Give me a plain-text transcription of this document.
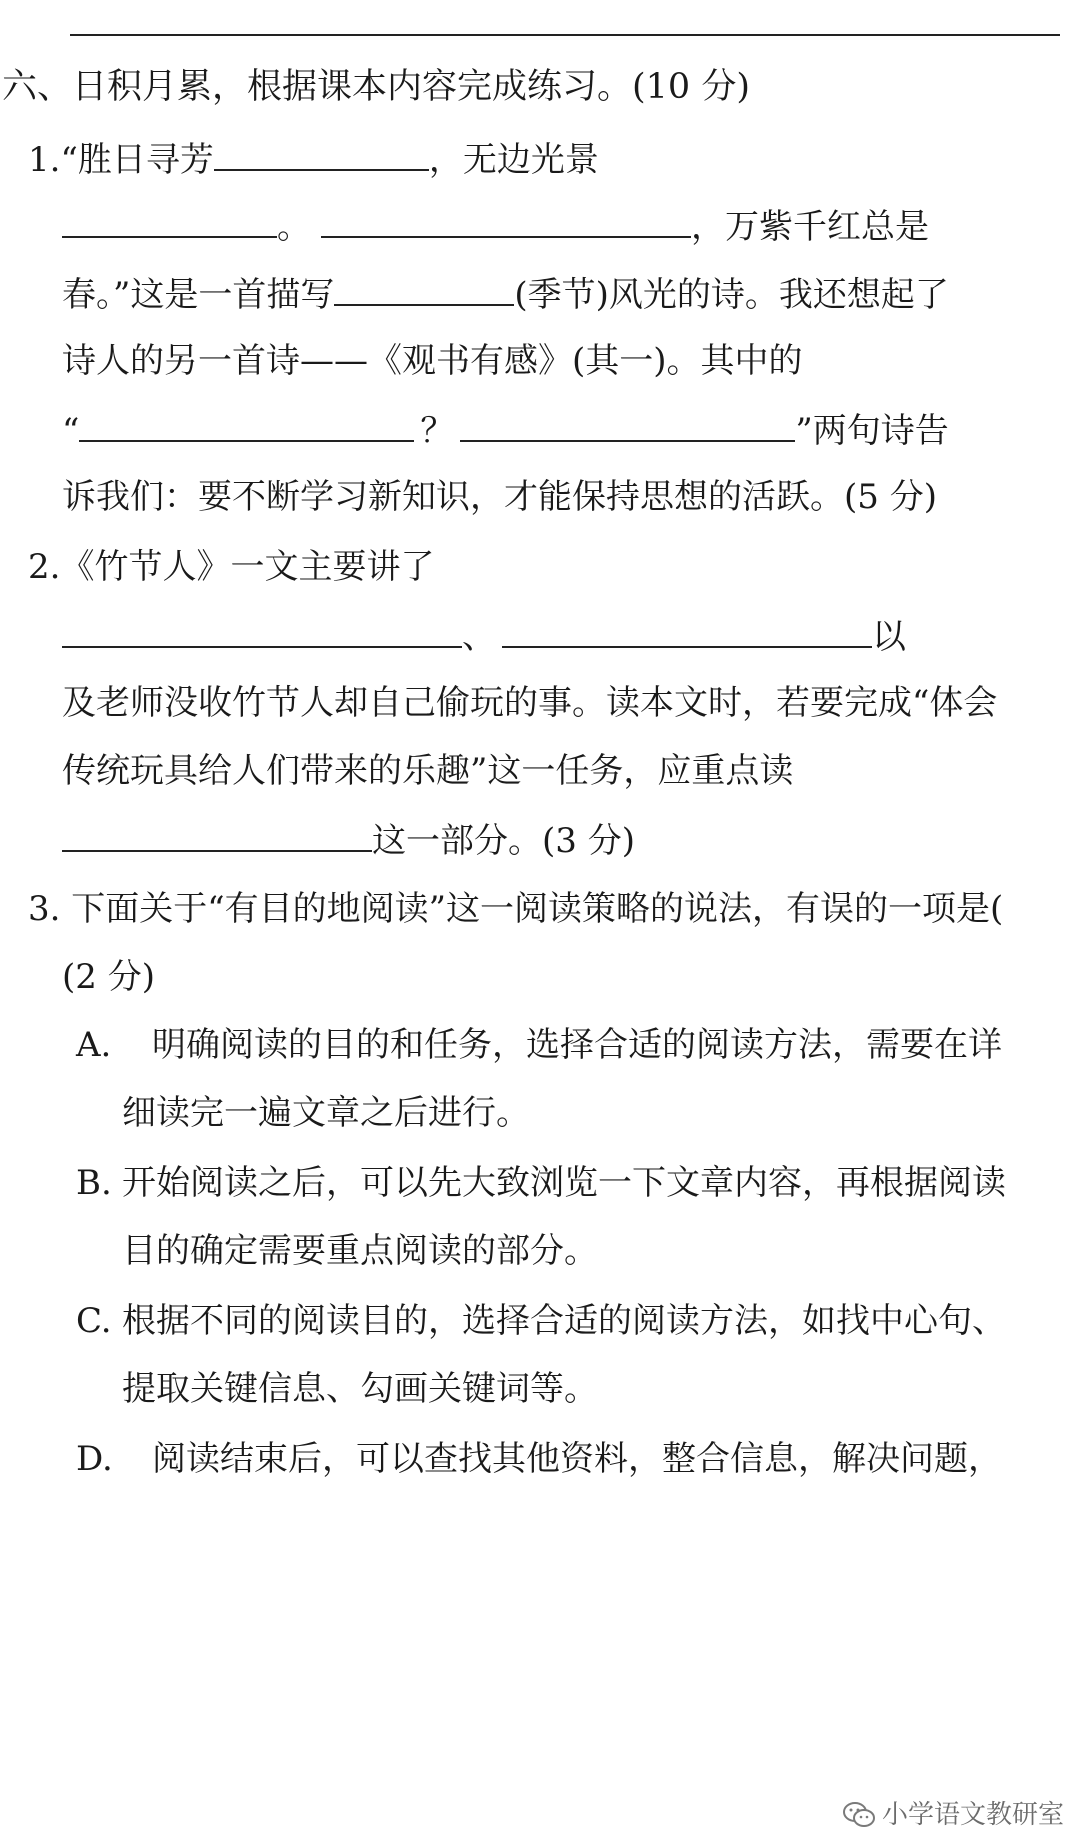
六、日积月累，根据课本内容完成练习。(10 分)
1.“胜日寻芳	，无边光景
。	，万紫千红总是
春。”这是一首描写	(季节)风光的诗。我还想起了
诗人的另一首诗——《观书有感》(其一)。其中的
“	？	”两句诗告
诉我们：要不断学习新知识，才能保持思想的活跃。(5 分)
2.《竹节人》一文主要讲了
、	以
及老师没收竹节人却自己偷玩的事。读本文时，若要完成“体会
传统玩具给人们带来的乐趣”这一任务，应重点读
这一部分。(3 分)
3. 下面关于“有目的地阅读”这一阅读策略的说法，有误的一项是(
(2 分)
A. 明确阅读的目的和任务，选择合适的阅读方法，需要在详
细读完一遍文章之后进行。
B. 开始阅读之后，可以先大致浏览一下文章内容，再根据阅读
目的确定需要重点阅读的部分。
C. 根据不同的阅读目的，选择合适的阅读方法，如找中心句、
提取关键信息、勾画关键词等。
D. 阅读结束后，可以查找其他资料，整合信息，解决问题，
小学语文教研室
